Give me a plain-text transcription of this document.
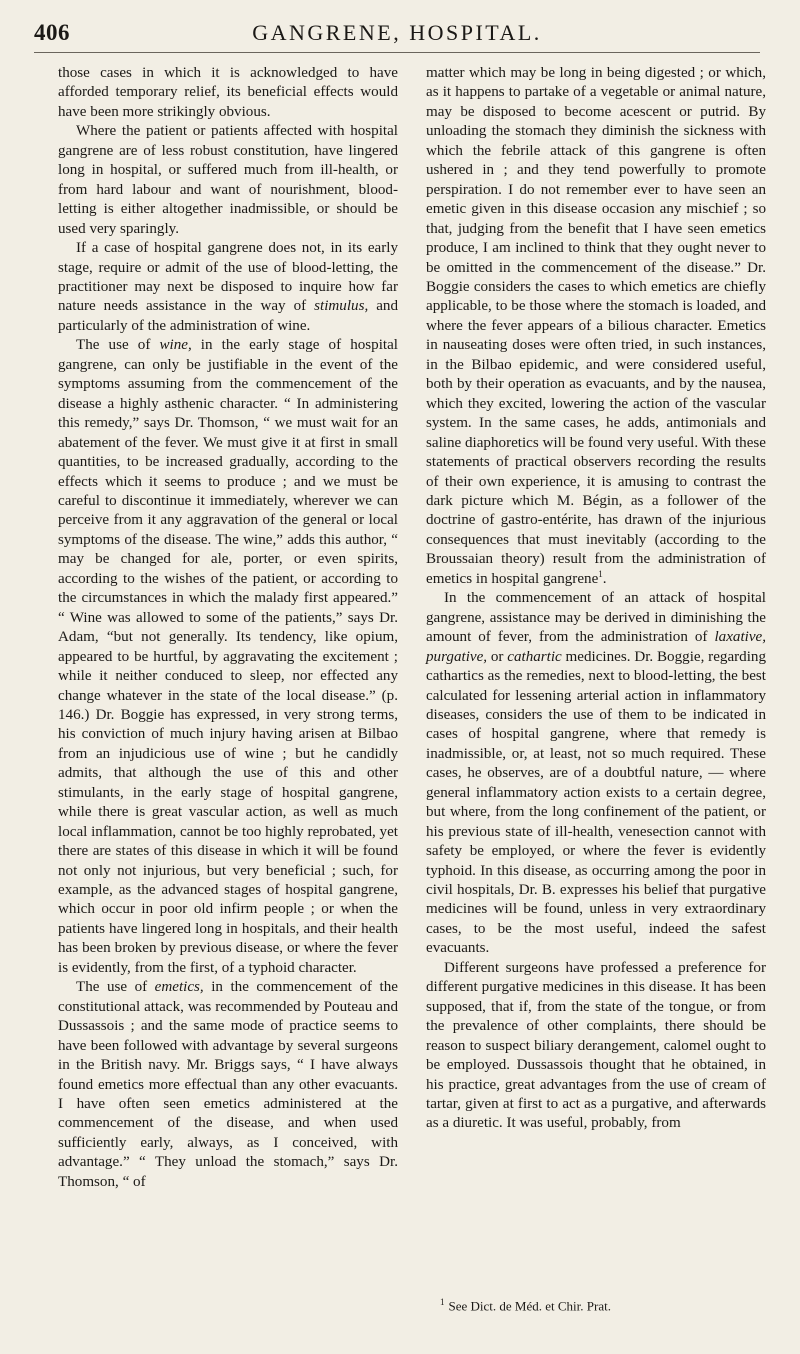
406	GANGRENE, HOSPITAL.

those cases in which it is acknowledged to have afforded temporary relief, its beneficial effects would have been more strikingly obvious.

Where the patient or patients affected with hospital gangrene are of less robust constitution, have lingered long in hospital, or suffered much from ill-health, or from hard labour and want of nourishment, blood-letting is either altogether inadmissible, or should be used very sparingly.

If a case of hospital gangrene does not, in its early stage, require or admit of the use of blood-letting, the practitioner may next be disposed to inquire how far nature needs assistance in the way of stimulus, and particularly of the administration of wine.

The use of wine, in the early stage of hospital gangrene, can only be justifiable in the event of the symptoms assuming from the commencement of the disease a highly asthenic character. “ In administering this remedy,” says Dr. Thomson, “ we must wait for an abatement of the fever. We must give it at first in small quantities, to be increased gradually, according to the effects which it seems to produce ; and we must be careful to discontinue it immediately, wherever we can perceive from it any aggravation of the general or local symptoms of the disease. The wine,” adds this author, “ may be changed for ale, porter, or even spirits, according to the wishes of the patient, or according to the circumstances in which the malady first appeared.” “ Wine was allowed to some of the patients,” says Dr. Adam, “but not generally. Its tendency, like opium, appeared to be hurtful, by aggravating the excitement ; while it neither conduced to sleep, nor effected any change whatever in the state of the local disease.” (p. 146.) Dr. Boggie has expressed, in very strong terms, his conviction of much injury having arisen at Bilbao from an injudicious use of wine ; but he candidly admits, that although the use of this and other stimulants, in the early stage of hospital gangrene, while there is great vascular action, as well as much local inflammation, cannot be too highly reprobated, yet there are states of this disease in which it will be found not only not injurious, but very beneficial ; such, for example, as the advanced stages of hospital gangrene, which occur in poor old infirm people ; or when the patients have lingered long in hospitals, and their health has been broken by previous disease, or where the fever is evidently, from the first, of a typhoid character.

The use of emetics, in the commencement of the constitutional attack, was recommended by Pouteau and Dussassois ; and the same mode of practice seems to have been followed with advantage by several surgeons in the British navy. Mr. Briggs says, “ I have always found emetics more effectual than any other evacuants. I have often seen emetics administered at the commencement of the disease, and when used sufficiently early, always, as I conceived, with advantage.” “ They unload the stomach,” says Dr. Thomson, “ of

matter which may be long in being digested ; or which, as it happens to partake of a vegetable or animal nature, may be disposed to become acescent or putrid. By unloading the stomach they diminish the sickness with which the febrile attack of this gangrene is often ushered in ; and they tend powerfully to promote perspiration. I do not remember ever to have seen an emetic given in this disease occasion any mischief ; so that, judging from the benefit that I have seen emetics produce, I am inclined to think that they ought never to be omitted in the commencement of the disease.” Dr. Boggie considers the cases to which emetics are chiefly applicable, to be those where the stomach is loaded, and where the fever appears of a bilious character. Emetics in nauseating doses were often tried, in such instances, in the Bilbao epidemic, and were considered useful, both by their operation as evacuants, and by the nausea, which they excited, lowering the action of the vascular system. In the same cases, he adds, antimonials and saline diaphoretics will be found very useful. With these statements of practical observers recording the results of their own experience, it is amusing to contrast the dark picture which M. Bégin, as a follower of the doctrine of gastro-entérite, has drawn of the injurious consequences that must inevitably (according to the Broussaian theory) result from the administration of emetics in hospital gangrene$^1$.

In the commencement of an attack of hospital gangrene, assistance may be derived in diminishing the amount of fever, from the administration of laxative, purgative, or cathartic medicines. Dr. Boggie, regarding cathartics as the remedies, next to blood-letting, the best calculated for lessening arterial action in inflammatory diseases, considers the use of them to be indicated in cases of hospital gangrene, where that remedy is inadmissible, or, at least, not so much required. These cases, he observes, are of a doubtful nature, — where general inflammatory action exists to a certain degree, but where, from the long confinement of the patient, or his previous state of ill-health, venesection cannot with safety be employed, or where the fever is evidently typhoid. In this disease, as occurring among the poor in civil hospitals, Dr. B. expresses his belief that purgative medicines will be found, unless in very extraordinary cases, to be the most useful, indeed the safest evacuants.

Different surgeons have professed a preference for different purgative medicines in this disease. It has been supposed, that if, from the state of the tongue, or from the prevalence of other complaints, there should be reason to suspect biliary derangement, calomel ought to be employed. Dussassois thought that he obtained, in his practice, great advantages from the use of cream of tartar, given at first to act as a purgative, and afterwards as a diuretic. It was useful, probably, from

$^1$ See Dict. de Méd. et Chir. Prat.
